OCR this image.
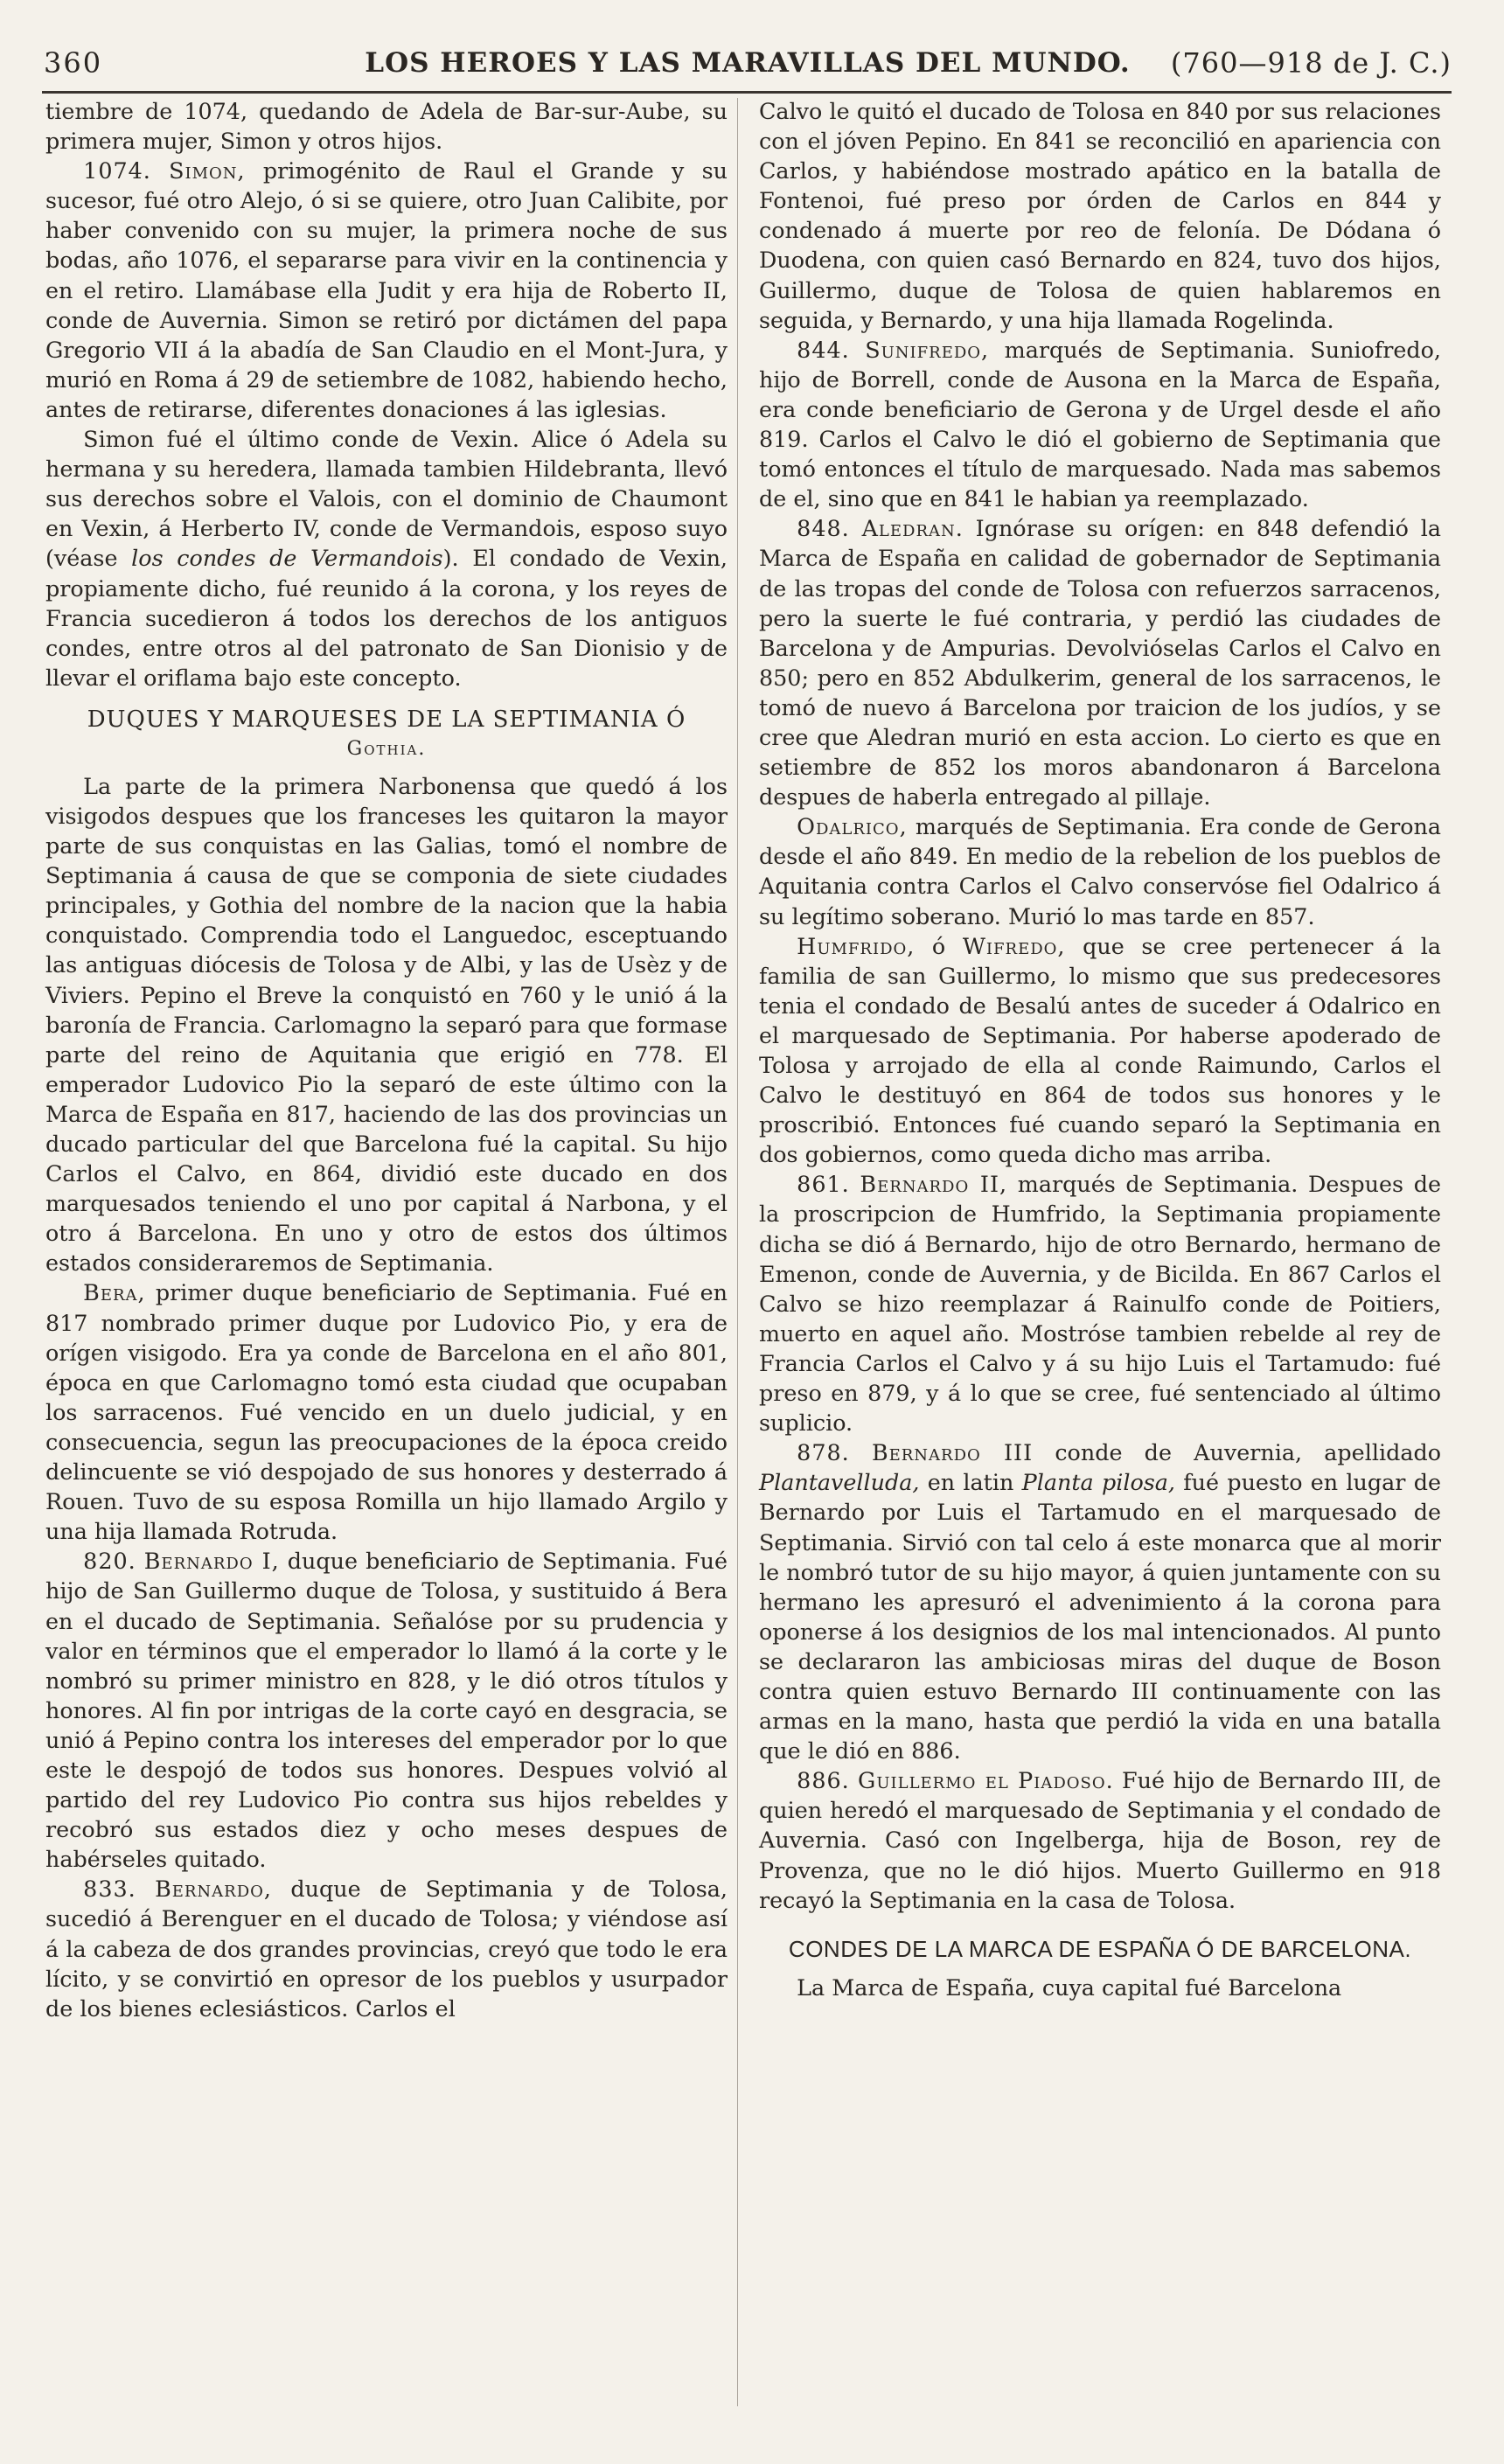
360	LOS HEROES Y LAS MARAVILLAS DEL MUNDO.	(760—918 de J. C.)

tiembre de 1074, quedando de Adela de Bar-sur-Aube, su primera mujer, Simon y otros hijos.

1074. Simon, primogénito de Raul el Grande y su sucesor, fué otro Alejo, ó si se quiere, otro Juan Calibite, por haber convenido con su mujer, la primera noche de sus bodas, año 1076, el separarse para vivir en la continencia y en el retiro. Llamábase ella Judit y era hija de Roberto II, conde de Auvernia. Simon se retiró por dictámen del papa Gregorio VII á la abadía de San Claudio en el Mont-Jura, y murió en Roma á 29 de setiembre de 1082, habiendo hecho, antes de retirarse, diferentes donaciones á las iglesias.

Simon fué el último conde de Vexin. Alice ó Adela su hermana y su heredera, llamada tambien Hildebranta, llevó sus derechos sobre el Valois, con el dominio de Chaumont en Vexin, á Herberto IV, conde de Vermandois, esposo suyo (véase los condes de Vermandois). El condado de Vexin, propiamente dicho, fué reunido á la corona, y los reyes de Francia sucedieron á todos los derechos de los antiguos condes, entre otros al del patronato de San Dionisio y de llevar el oriflama bajo este concepto.

DUQUES Y MARQUESES DE LA SEPTIMANIA Ó
Gothia.

La parte de la primera Narbonensa que quedó á los visigodos despues que los franceses les quitaron la mayor parte de sus conquistas en las Galias, tomó el nombre de Septimania á causa de que se componia de siete ciudades principales, y Gothia del nombre de la nacion que la habia conquistado. Comprendia todo el Languedoc, esceptuando las antiguas diócesis de Tolosa y de Albi, y las de Usèz y de Viviers. Pepino el Breve la conquistó en 760 y le unió á la baronía de Francia. Carlomagno la separó para que formase parte del reino de Aquitania que erigió en 778. El emperador Ludovico Pio la separó de este último con la Marca de España en 817, haciendo de las dos provincias un ducado particular del que Barcelona fué la capital. Su hijo Carlos el Calvo, en 864, dividió este ducado en dos marquesados teniendo el uno por capital á Narbona, y el otro á Barcelona. En uno y otro de estos dos últimos estados consideraremos de Septimania.

Bera, primer duque beneficiario de Septimania. Fué en 817 nombrado primer duque por Ludovico Pio, y era de orígen visigodo. Era ya conde de Barcelona en el año 801, época en que Carlomagno tomó esta ciudad que ocupaban los sarracenos. Fué vencido en un duelo judicial, y en consecuencia, segun las preocupaciones de la época creido delincuente se vió despojado de sus honores y desterrado á Rouen. Tuvo de su esposa Romilla un hijo llamado Argilo y una hija llamada Rotruda.

820. Bernardo I, duque beneficiario de Septimania. Fué hijo de San Guillermo duque de Tolosa, y sustituido á Bera en el ducado de Septimania. Señalóse por su prudencia y valor en términos que el emperador lo llamó á la corte y le nombró su primer ministro en 828, y le dió otros títulos y honores. Al fin por intrigas de la corte cayó en desgracia, se unió á Pepino contra los intereses del emperador por lo que este le despojó de todos sus honores. Despues volvió al partido del rey Ludovico Pio contra sus hijos rebeldes y recobró sus estados diez y ocho meses despues de habérseles quitado.

833. Bernardo, duque de Septimania y de Tolosa, sucedió á Berenguer en el ducado de Tolosa; y viéndose así á la cabeza de dos grandes provincias, creyó que todo le era lícito, y se convirtió en opresor de los pueblos y usurpador de los bienes eclesiásticos. Carlos el

Calvo le quitó el ducado de Tolosa en 840 por sus relaciones con el jóven Pepino. En 841 se reconcilió en apariencia con Carlos, y habiéndose mostrado apático en la batalla de Fontenoi, fué preso por órden de Carlos en 844 y condenado á muerte por reo de felonía. De Dódana ó Duodena, con quien casó Bernardo en 824, tuvo dos hijos, Guillermo, duque de Tolosa de quien hablaremos en seguida, y Bernardo, y una hija llamada Rogelinda.

844. Sunifredo, marqués de Septimania. Suniofredo, hijo de Borrell, conde de Ausona en la Marca de España, era conde beneficiario de Gerona y de Urgel desde el año 819. Carlos el Calvo le dió el gobierno de Septimania que tomó entonces el título de marquesado. Nada mas sabemos de el, sino que en 841 le habian ya reemplazado.

848. Aledran. Ignórase su orígen: en 848 defendió la Marca de España en calidad de gobernador de Septimania de las tropas del conde de Tolosa con refuerzos sarracenos, pero la suerte le fué contraria, y perdió las ciudades de Barcelona y de Ampurias. Devolvióselas Carlos el Calvo en 850; pero en 852 Abdulkerim, general de los sarracenos, le tomó de nuevo á Barcelona por traicion de los judíos, y se cree que Aledran murió en esta accion. Lo cierto es que en setiembre de 852 los moros abandonaron á Barcelona despues de haberla entregado al pillaje.

Odalrico, marqués de Septimania. Era conde de Gerona desde el año 849. En medio de la rebelion de los pueblos de Aquitania contra Carlos el Calvo conservóse fiel Odalrico á su legítimo soberano. Murió lo mas tarde en 857.

Humfrido, ó Wifredo, que se cree pertenecer á la familia de san Guillermo, lo mismo que sus predecesores tenia el condado de Besalú antes de suceder á Odalrico en el marquesado de Septimania. Por haberse apoderado de Tolosa y arrojado de ella al conde Raimundo, Carlos el Calvo le destituyó en 864 de todos sus honores y le proscribió. Entonces fué cuando separó la Septimania en dos gobiernos, como queda dicho mas arriba.

861. Bernardo II, marqués de Septimania. Despues de la proscripcion de Humfrido, la Septimania propiamente dicha se dió á Bernardo, hijo de otro Bernardo, hermano de Emenon, conde de Auvernia, y de Bicilda. En 867 Carlos el Calvo se hizo reemplazar á Rainulfo conde de Poitiers, muerto en aquel año. Mostróse tambien rebelde al rey de Francia Carlos el Calvo y á su hijo Luis el Tartamudo: fué preso en 879, y á lo que se cree, fué sentenciado al último suplicio.

878. Bernardo III conde de Auvernia, apellidado Plantavelluda, en latin Planta pilosa, fué puesto en lugar de Bernardo por Luis el Tartamudo en el marquesado de Septimania. Sirvió con tal celo á este monarca que al morir le nombró tutor de su hijo mayor, á quien juntamente con su hermano les apresuró el advenimiento á la corona para oponerse á los designios de los mal intencionados. Al punto se declararon las ambiciosas miras del duque de Boson contra quien estuvo Bernardo III continuamente con las armas en la mano, hasta que perdió la vida en una batalla que le dió en 886.

886. Guillermo el Piadoso. Fué hijo de Bernardo III, de quien heredó el marquesado de Septimania y el condado de Auvernia. Casó con Ingelberga, hija de Boson, rey de Provenza, que no le dió hijos. Muerto Guillermo en 918 recayó la Septimania en la casa de Tolosa.

CONDES DE LA MARCA DE ESPAÑA Ó DE BARCELONA.

La Marca de España, cuya capital fué Barcelona
